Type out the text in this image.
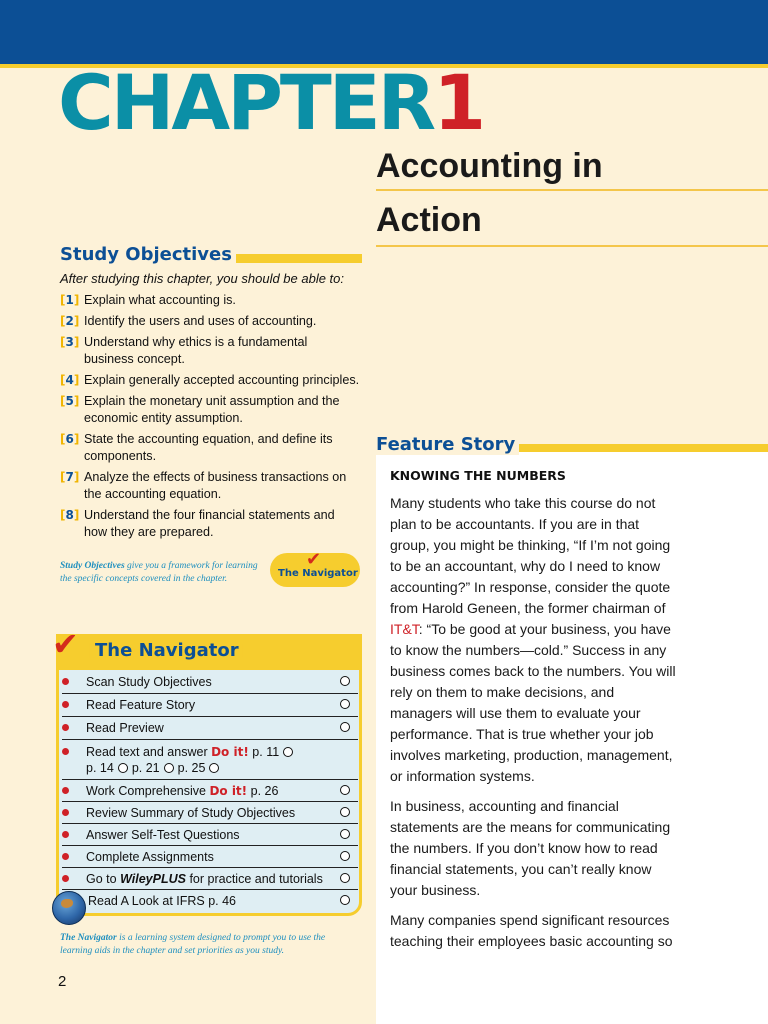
CHAPTER1
Accounting in
Action
Study Objectives
After studying this chapter, you should be able to:
[1] Explain what accounting is.
[2] Identify the users and uses of accounting.
[3] Understand why ethics is a fundamental business concept.
[4] Explain generally accepted accounting principles.
[5] Explain the monetary unit assumption and the economic entity assumption.
[6] State the accounting equation, and define its components.
[7] Analyze the effects of business transactions on the accounting equation.
[8] Understand the four financial statements and how they are prepared.
Study Objectives give you a framework for learning the specific concepts covered in the chapter.
✔
The Navigator
✔ [The Navigator]
Scan Study Objectives
Read Feature Story
Read Preview
Read text and answer Do it! p. 11
p. 14 p. 21 p. 25
Work Comprehensive Do it! p. 26
Review Summary of Study Objectives
Answer Self-Test Questions
Complete Assignments
Go to WileyPLUS for practice and tutorials
Read A Look at IFRS p. 46
The Navigator is a learning system designed to prompt you to use the learning aids in the chapter and set priorities as you study.
2
Feature Story
KNOWING THE NUMBERS

Many students who take this course do not plan to be accountants. If you are in that group, you might be thinking, “If I’m not going to be an accountant, why do I need to know accounting?” In response, consider the quote from Harold Geneen, the former chairman of IT&T: “To be good at your business, you have to know the numbers—cold.” Success in any business comes back to the numbers. You will rely on them to make decisions, and managers will use them to evaluate your performance. That is true whether your job involves marketing, production, management, or information systems.

In business, accounting and financial statements are the means for communicating the numbers. If you don’t know how to read financial statements, you can’t really know your business.

Many companies spend significant resources teaching their employees basic accounting so
